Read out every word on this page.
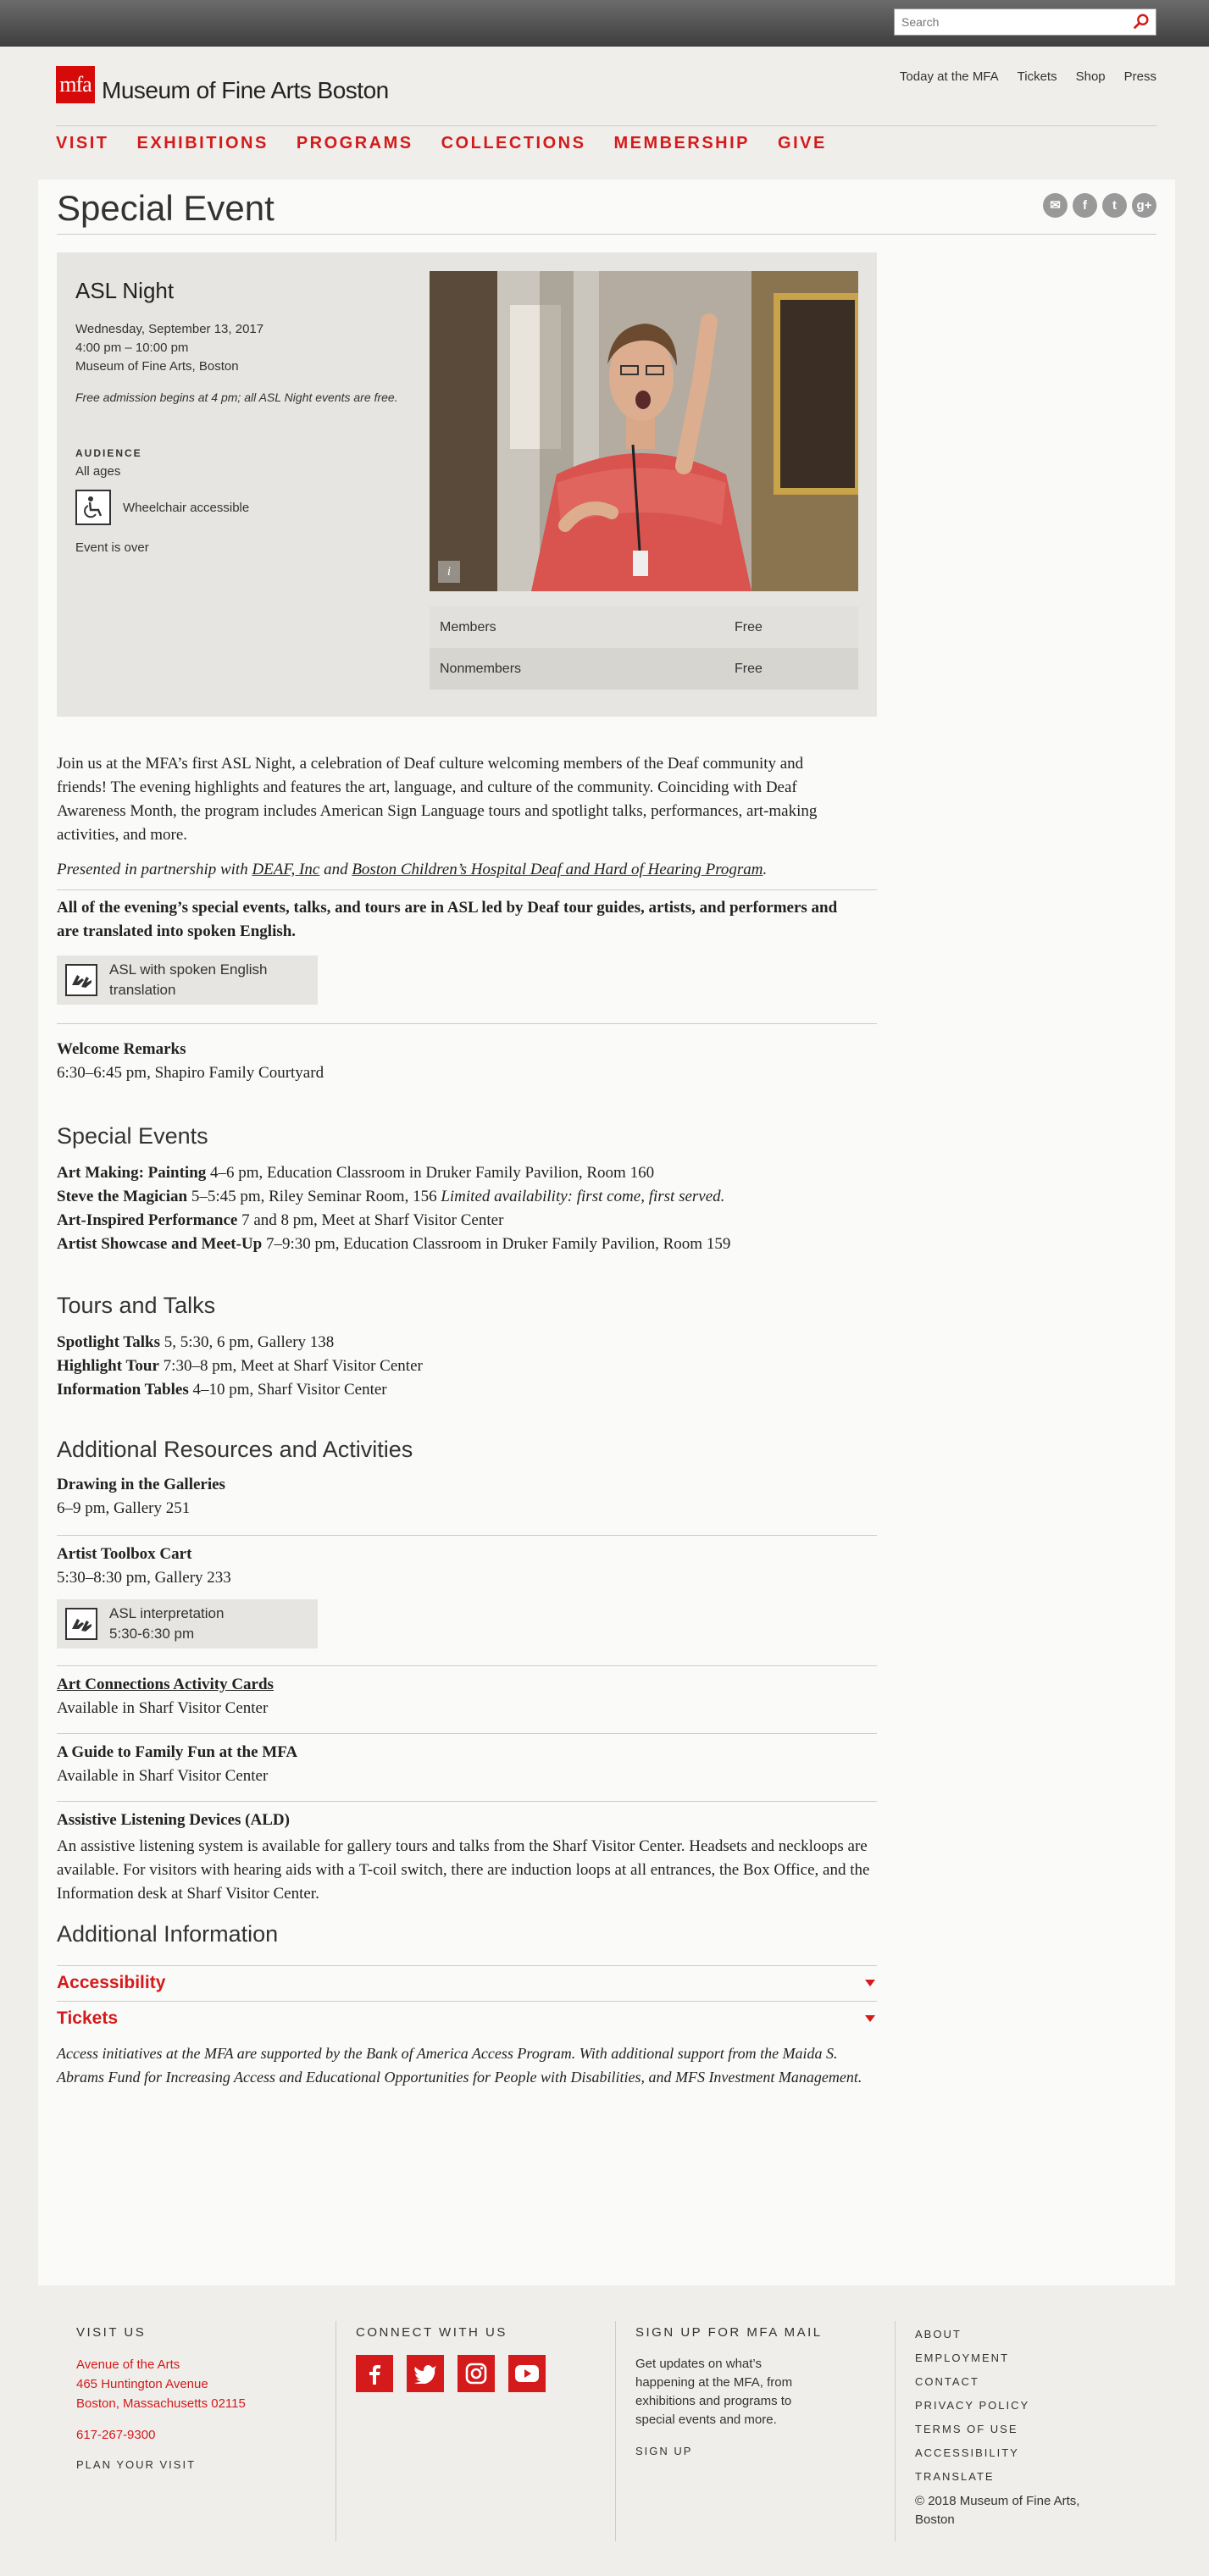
Search
mfa Museum of Fine Arts Boston
Today at the MFA Tickets Shop Press
VISIT EXHIBITIONS PROGRAMS COLLECTIONS MEMBERSHIP GIVE
Special Event	✉	f	t	g+
ASL Night
Wednesday, September 13, 2017
4:00 pm – 10:00 pm
Museum of Fine Arts, Boston
Free admission begins at 4 pm; all ASL Night events are free.
AUDIENCE
All ages
Wheelchair accessible
Event is over
i
Members	Free
Nonmembers	Free

Join us at the MFA’s first ASL Night, a celebration of Deaf culture welcoming members of the Deaf community and friends! The evening highlights and features the art, language, and culture of the community. Coinciding with Deaf Awareness Month, the program includes American Sign Language tours and spotlight talks, performances, art-making activities, and more.

Presented in partnership with DEAF, Inc and Boston Children’s Hospital Deaf and Hard of Hearing Program.

All of the evening’s special events, talks, and tours are in ASL led by Deaf tour guides, artists, and performers and are translated into spoken English.

ASL with spoken English translation
Welcome Remarks
6:30–6:45 pm, Shapiro Family Courtyard
Special Events
Art Making: Painting 4–6 pm, Education Classroom in Druker Family Pavilion, Room 160
Steve the Magician 5–5:45 pm, Riley Seminar Room, 156 Limited availability: first come, first served.
Art-Inspired Performance 7 and 8 pm, Meet at Sharf Visitor Center
Artist Showcase and Meet-Up 7–9:30 pm, Education Classroom in Druker Family Pavilion, Room 159
Tours and Talks
Spotlight Talks 5, 5:30, 6 pm, Gallery 138
Highlight Tour 7:30–8 pm, Meet at Sharf Visitor Center
Information Tables 4–10 pm, Sharf Visitor Center
Additional Resources and Activities
Drawing in the Galleries
6–9 pm, Gallery 251
Artist Toolbox Cart
5:30–8:30 pm, Gallery 233
ASL interpretation
5:30-6:30 pm
Art Connections Activity Cards
Available in Sharf Visitor Center
A Guide to Family Fun at the MFA
Available in Sharf Visitor Center
Assistive Listening Devices (ALD)
An assistive listening system is available for gallery tours and talks from the Sharf Visitor Center. Headsets and neckloops are available. For visitors with hearing aids with a T-coil switch, there are induction loops at all entrances, the Box Office, and the Information desk at Sharf Visitor Center.
Additional Information
Accessibility
Tickets

Access initiatives at the MFA are supported by the Bank of America Access Program. With additional support from the Maida S. Abrams Fund for Increasing Access and Educational Opportunities for People with Disabilities, and MFS Investment Management.

VISIT US
Avenue of the Arts
465 Huntington Avenue
Boston, Massachusetts 02115
617-267-9300
PLAN YOUR VISIT
CONNECT WITH US	SIGN UP FOR MFA MAIL

Get updates on what’s happening at the MFA, from exhibitions and programs to special events and more.

SIGN UP
ABOUT
EMPLOYMENT
CONTACT
PRIVACY POLICY
TERMS OF USE
ACCESSIBILITY
TRANSLATE

© 2018 Museum of Fine Arts, Boston
